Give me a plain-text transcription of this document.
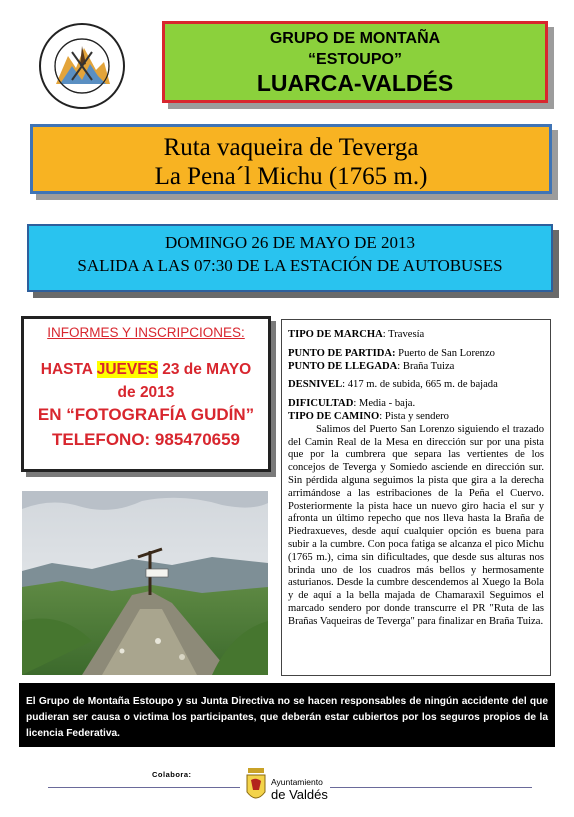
GRUPO DE MONTAÑA
“ESTOUPO”
LUARCA-VALDÉS
Ruta vaqueira de Teverga
La Pena´l Michu (1765 m.)
DOMINGO 26 DE MAYO DE 2013
SALIDA A LAS 07:30 DE LA ESTACIÓN DE AUTOBUSES
INFORMES Y INSCRIPCIONES:
HASTA JUEVES 23 de MAYO
de 2013
EN “FOTOGRAFÍA GUDÍN”
TELEFONO: 985470659

TIPO DE MARCHA: Travesía

PUNTO DE PARTIDA: Puerto de San Lorenzo

PUNTO DE LLEGADA: Braña Tuiza

DESNIVEL: 417 m. de subida, 665 m. de bajada

DIFICULTAD: Media - baja.

TIPO DE CAMINO: Pista y sendero

Salimos del Puerto San Lorenzo siguiendo el trazado del Camin Real de la Mesa en dirección sur por una pista que por la cumbrera que separa las vertientes de los concejos de Teverga y Somiedo asciende en dirección sur. Sin pérdida alguna seguimos la pista que gira a la derecha arrimándose a las estribaciones de la Peña el Cuervo. Posteriormente la pista hace un nuevo giro hacia el sur y afronta un último repecho que nos lleva hasta la Braña de Piedraxueves, desde aquí cualquier opción es buena para subir a la cumbre. Con poca fatiga se alcanza el pico Michu (1765 m.), cima sin dificultades, que desde sus alturas nos brinda uno de los cuadros más bellos y hermosamente asturianos. Desde la cumbre descendemos al Xuego la Bola y de aquí a la bella majada de Chamaraxil Seguimos el marcado sendero por donde transcurre el PR "Ruta de las Brañas Vaqueiras de Teverga" para finalizar en Braña Tuiza.

El Grupo de Montaña Estoupo y su Junta Directiva no se hacen responsables de ningún accidente del que pudieran ser causa o victima los participantes, que deberán estar cubiertos por los seguros propios de la licencia Federativa.
Colabora:
Ayuntamiento
de Valdés
